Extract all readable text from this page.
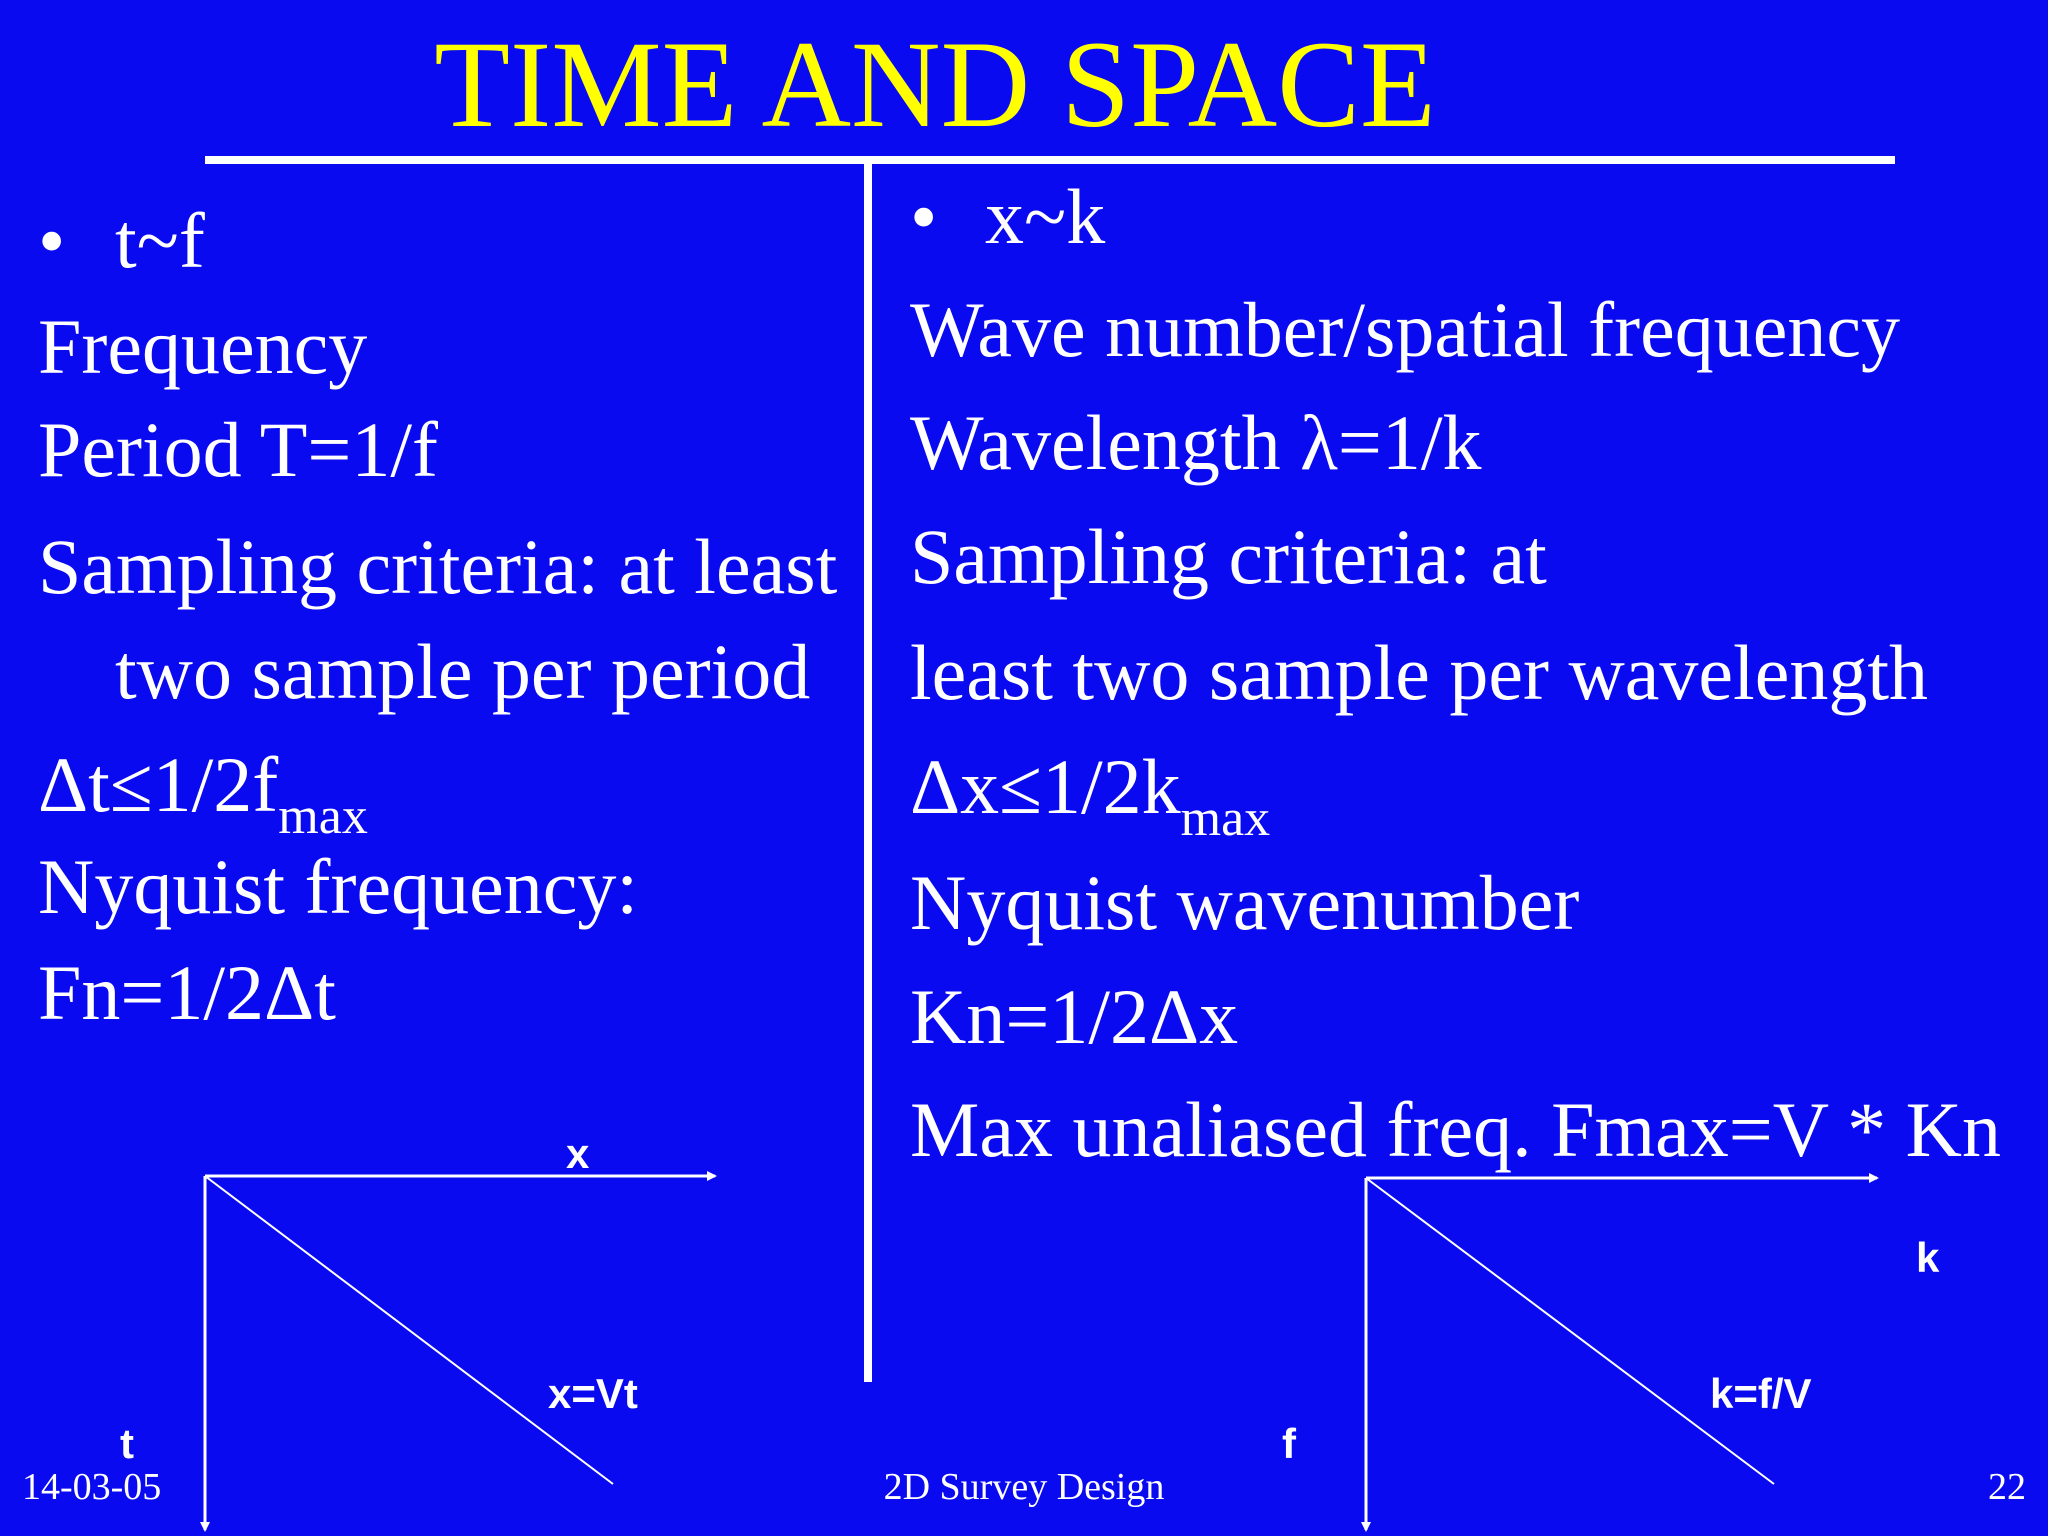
TIME AND SPACE
• t~f
Frequency
Period T=1/f
Sampling criteria: at least
two sample per period
$\Delta t\le 1/2f_{max}$
Nyquist frequency:
Fn=1/2Δt
• x~k
Wave number/spatial frequency
Wavelength λ=1/k
Sampling criteria: at
least two sample per wavelength
$\Delta x\le 1/2k_{max}$
Nyquist wavenumber
Kn=1/2Δx
Max unaliased freq. Fmax=V * Kn
x
t
x=Vt
k
f
k=f/V
14-03-05	2D Survey Design	22
